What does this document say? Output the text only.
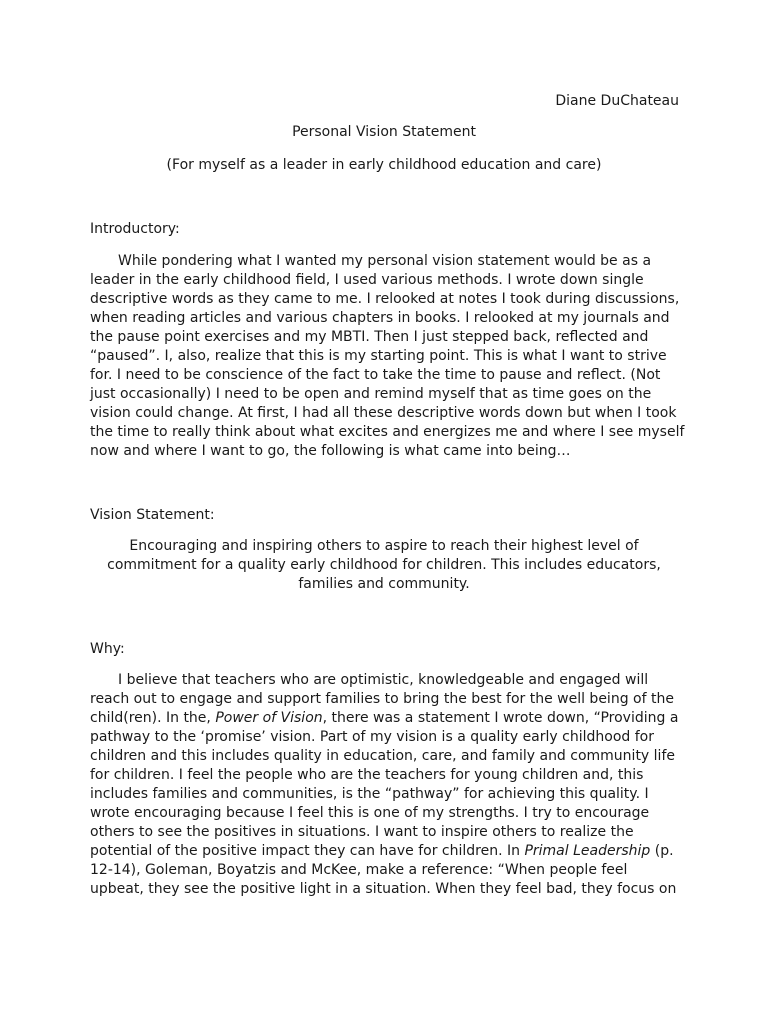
Diane DuChateau
Personal Vision Statement
(For myself as a leader in early childhood education and care)
Introductory:
While pondering what I wanted my personal vision statement would be as a
leader in the early childhood field, I used various methods. I wrote down single
descriptive words as they came to me. I relooked at notes I took during discussions,
when reading articles and various chapters in books. I relooked at my journals and
the pause point exercises and my MBTI. Then I just stepped back, reflected and
“paused”. I, also, realize that this is my starting point. This is what I want to strive
for. I need to be conscience of the fact to take the time to pause and reflect. (Not
just occasionally) I need to be open and remind myself that as time goes on the
vision could change. At first, I had all these descriptive words down but when I took
the time to really think about what excites and energizes me and where I see myself
now and where I want to go, the following is what came into being…
Vision Statement:
Encouraging and inspiring others to aspire to reach their highest level of
commitment for a quality early childhood for children. This includes educators,
families and community.
Why:
I believe that teachers who are optimistic, knowledgeable and engaged will
reach out to engage and support families to bring the best for the well being of the
child(ren). In the, Power of Vision, there was a statement I wrote down, “Providing a
pathway to the ‘promise’ vision. Part of my vision is a quality early childhood for
children and this includes quality in education, care, and family and community life
for children. I feel the people who are the teachers for young children and, this
includes families and communities, is the “pathway” for achieving this quality. I
wrote encouraging because I feel this is one of my strengths. I try to encourage
others to see the positives in situations. I want to inspire others to realize the
potential of the positive impact they can have for children. In Primal Leadership (p.
12-14), Goleman, Boyatzis and McKee, make a reference: “When people feel
upbeat, they see the positive light in a situation. When they feel bad, they focus on
